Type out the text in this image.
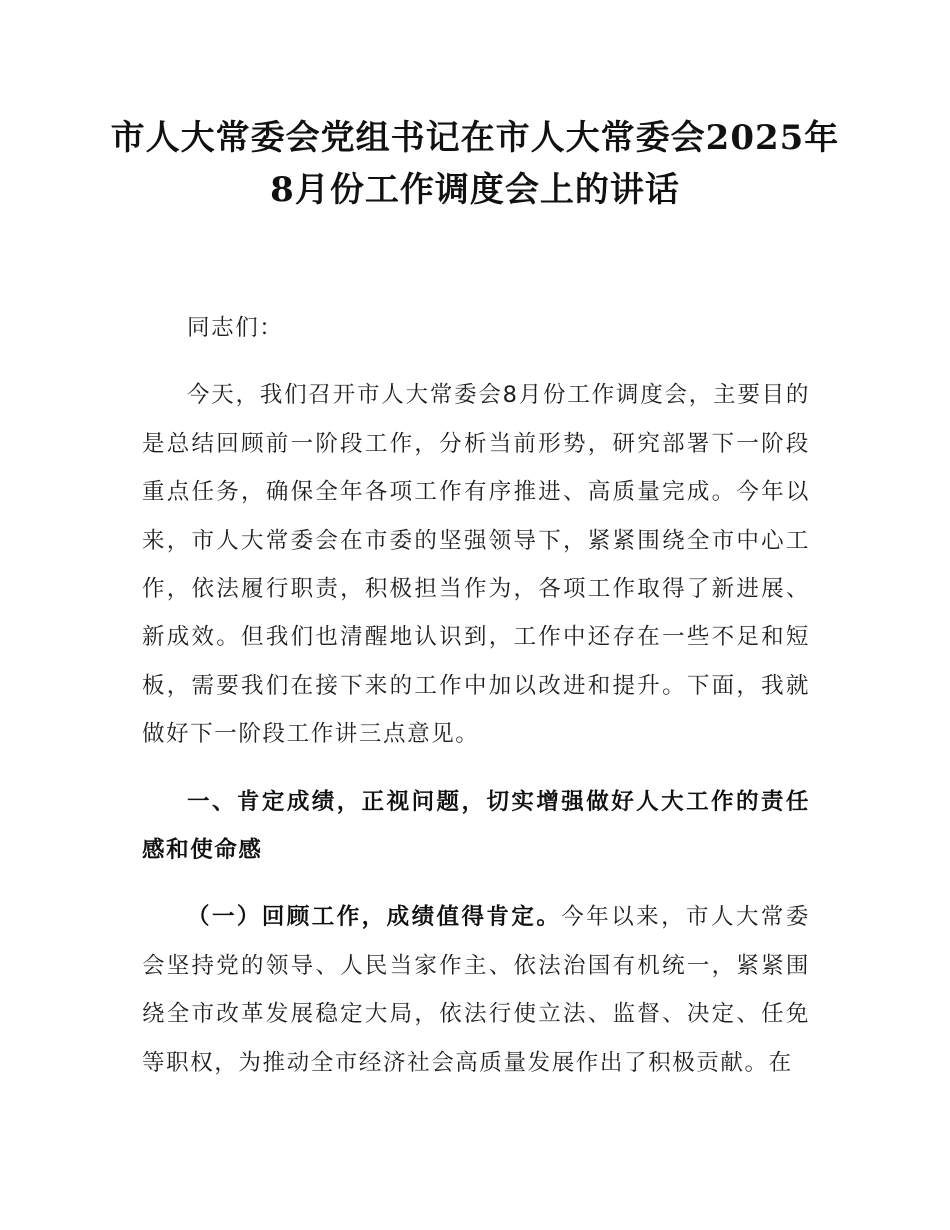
市人大常委会党组书记在市人大常委会2025年8月份工作调度会上的讲话

同志们：

今天，我们召开市人大常委会8月份工作调度会，主要目的是总结回顾前一阶段工作，分析当前形势，研究部署下一阶段重点任务，确保全年各项工作有序推进、高质量完成。今年以来，市人大常委会在市委的坚强领导下，紧紧围绕全市中心工作，依法履行职责，积极担当作为，各项工作取得了新进展、新成效。但我们也清醒地认识到，工作中还存在一些不足和短板，需要我们在接下来的工作中加以改进和提升。下面，我就做好下一阶段工作讲三点意见。

一、肯定成绩，正视问题，切实增强做好人大工作的责任感和使命感

（一）回顾工作，成绩值得肯定。今年以来，市人大常委会坚持党的领导、人民当家作主、依法治国有机统一，紧紧围绕全市改革发展稳定大局，依法行使立法、监督、决定、任免等职权，为推动全市经济社会高质量发展作出了积极贡献。在
